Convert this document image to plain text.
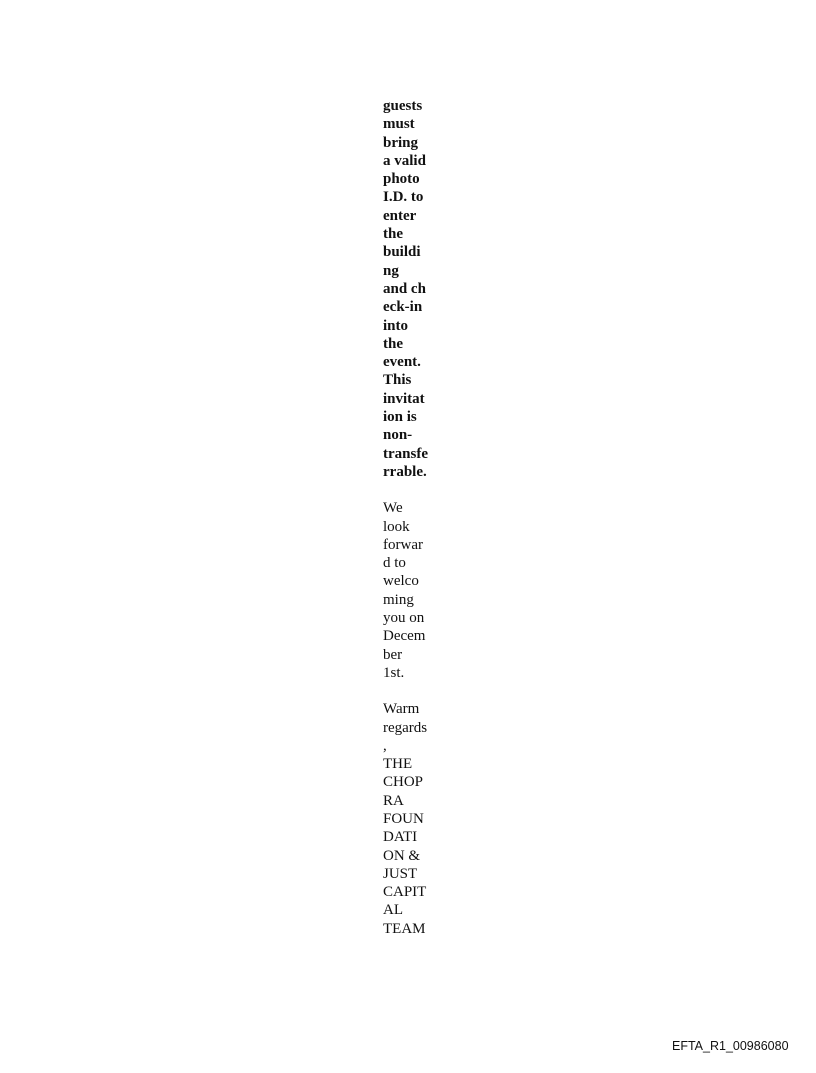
guests
must
bring
a valid
photo
I.D. to
enter
the
buildi
ng
and ch
eck-in
into
the
event.
This
invitat
ion is
non-
transfe
rrable.
We
look
forwar
d to
welco
ming
you on
Decem
ber
1st.
Warm
regards
,
THE
CHOP
RA
FOUN
DATI
ON &
JUST
CAPIT
AL
TEAM
EFTA_R1_00986080
